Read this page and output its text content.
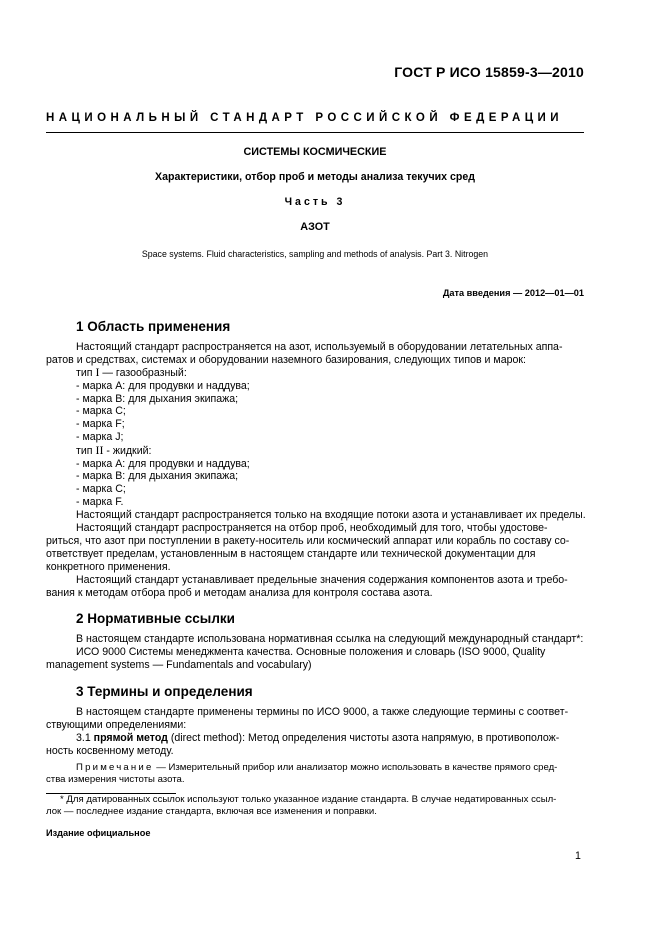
ГОСТ Р ИСО 15859-3—2010
НАЦИОНАЛЬНЫЙ СТАНДАРТ РОССИЙСКОЙ ФЕДЕРАЦИИ
СИСТЕМЫ КОСМИЧЕСКИЕ
Характеристики, отбор проб и методы анализа текучих сред
Часть 3
АЗОТ
Space systems. Fluid characteristics, sampling and methods of analysis. Part 3. Nitrogen
Дата введения — 2012—01—01
1 Область применения
Настоящий стандарт распространяется на азот, используемый в оборудовании летательных аппа-
ратов и средствах, системах и оборудовании наземного базирования, следующих типов и марок:
тип I — газообразный:
- марка А: для продувки и наддува;
- марка В: для дыхания экипажа;
- марка С;
- марка F;
- марка J;
тип II - жидкий:
- марка А: для продувки и наддува;
- марка В: для дыхания экипажа;
- марка С;
- марка F.
Настоящий стандарт распространяется только на входящие потоки азота и устанавливает их пределы.
Настоящий стандарт распространяется на отбор проб, необходимый для того, чтобы удостове-
риться, что азот при поступлении в ракету-носитель или космический аппарат или корабль по составу со-
ответствует пределам, установленным в настоящем стандарте или технической документации для
конкретного применения.
Настоящий стандарт устанавливает предельные значения содержания компонентов азота и требо-
вания к методам отбора проб и методам анализа для контроля состава азота.
2 Нормативные ссылки
В настоящем стандарте использована нормативная ссылка на следующий международный стандарт*:
ИСО 9000 Системы менеджмента качества. Основные положения и словарь (ISO 9000, Quality
management systems — Fundamentals and vocabulary)
3 Термины и определения
В настоящем стандарте применены термины по ИСО 9000, а также следующие термины с соответ-
ствующими определениями:
3.1 прямой метод (direct method): Метод определения чистоты азота напрямую, в противополож-
ность косвенному методу.
Примечание — Измерительный прибор или анализатор можно использовать в качестве прямого сред-
ства измерения чистоты азота.
* Для датированных ссылок используют только указанное издание стандарта. В случае недатированных ссыл-
лок — последнее издание стандарта, включая все изменения и поправки.
Издание официальное
1
